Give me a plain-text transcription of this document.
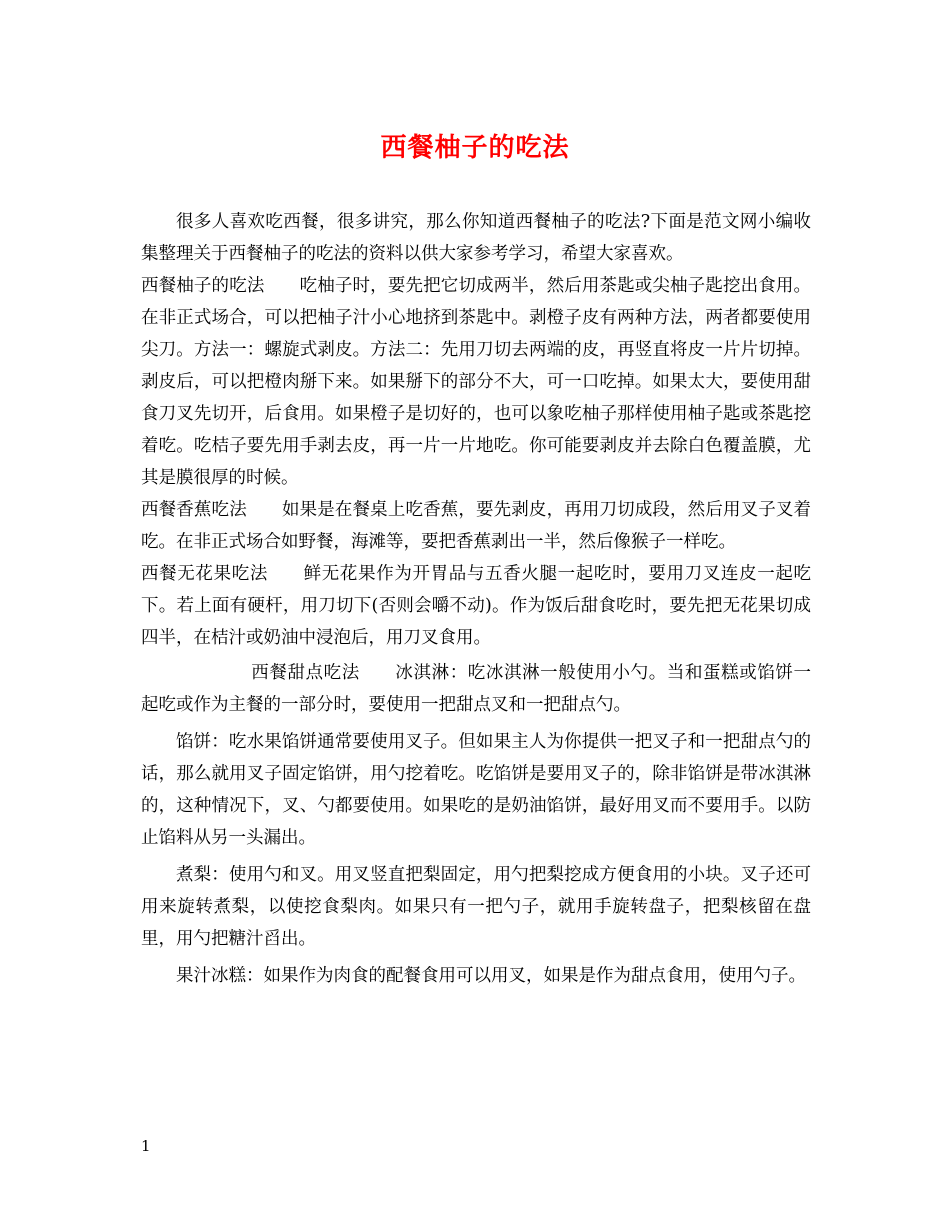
西餐柚子的吃法

很多人喜欢吃西餐，很多讲究，那么你知道西餐柚子的吃法?下面是范文网小编收集整理关于西餐柚子的吃法的资料以供大家参考学习，希望大家喜欢。

西餐柚子的吃法 吃柚子时，要先把它切成两半，然后用茶匙或尖柚子匙挖出食用。在非正式场合，可以把柚子汁小心地挤到茶匙中。剥橙子皮有两种方法，两者都要使用尖刀。方法一：螺旋式剥皮。方法二：先用刀切去两端的皮，再竖直将皮一片片切掉。剥皮后，可以把橙肉掰下来。如果掰下的部分不大，可一口吃掉。如果太大，要使用甜食刀叉先切开，后食用。如果橙子是切好的，也可以象吃柚子那样使用柚子匙或茶匙挖着吃。吃桔子要先用手剥去皮，再一片一片地吃。你可能要剥皮并去除白色覆盖膜，尤其是膜很厚的时候。

西餐香蕉吃法 如果是在餐桌上吃香蕉，要先剥皮，再用刀切成段，然后用叉子叉着吃。在非正式场合如野餐，海滩等，要把香蕉剥出一半，然后像猴子一样吃。

西餐无花果吃法 鲜无花果作为开胃品与五香火腿一起吃时，要用刀叉连皮一起吃下。若上面有硬杆，用刀切下(否则会嚼不动)。作为饭后甜食吃时，要先把无花果切成四半，在桔汁或奶油中浸泡后，用刀叉食用。

西餐甜点吃法 冰淇淋：吃冰淇淋一般使用小勺。当和蛋糕或馅饼一起吃或作为主餐的一部分时，要使用一把甜点叉和一把甜点勺。

馅饼：吃水果馅饼通常要使用叉子。但如果主人为你提供一把叉子和一把甜点勺的话，那么就用叉子固定馅饼，用勺挖着吃。吃馅饼是要用叉子的，除非馅饼是带冰淇淋的，这种情况下，叉、勺都要使用。如果吃的是奶油馅饼，最好用叉而不要用手。以防止馅料从另一头漏出。

煮梨：使用勺和叉。用叉竖直把梨固定，用勺把梨挖成方便食用的小块。叉子还可用来旋转煮梨，以使挖食梨肉。如果只有一把勺子，就用手旋转盘子，把梨核留在盘里，用勺把糖汁舀出。

果汁冰糕：如果作为肉食的配餐食用可以用叉，如果是作为甜点食用，使用勺子。

1
